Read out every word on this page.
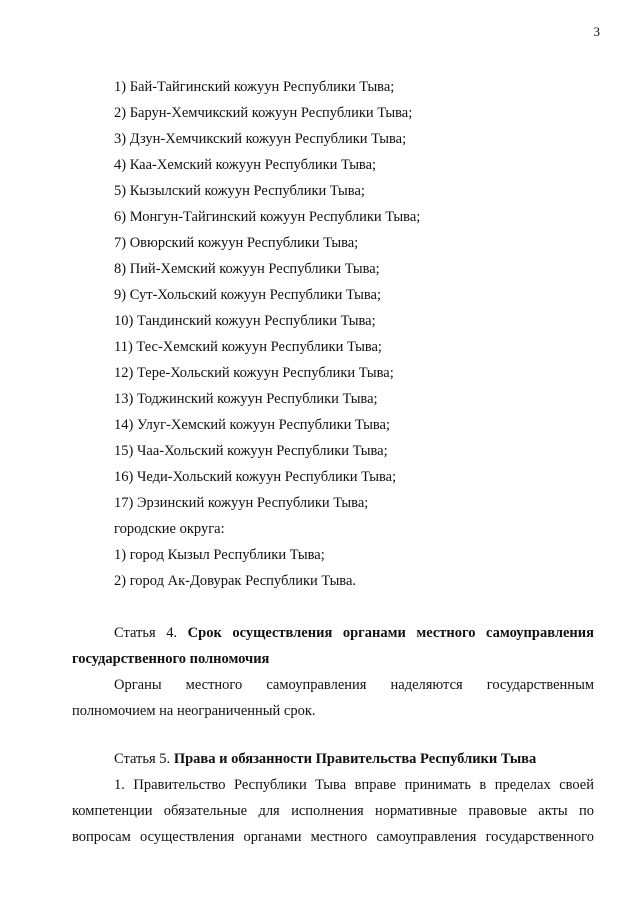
3
1) Бай-Тайгинский кожуун Республики Тыва;
2) Барун-Хемчикский кожуун Республики Тыва;
3) Дзун-Хемчикский кожуун Республики Тыва;
4) Каа-Хемский кожуун Республики Тыва;
5) Кызылский кожуун Республики Тыва;
6) Монгун-Тайгинский кожуун Республики Тыва;
7) Овюрский кожуун Республики Тыва;
8) Пий-Хемский кожуун Республики Тыва;
9) Сут-Хольский кожуун Республики Тыва;
10) Тандинский кожуун Республики Тыва;
11) Тес-Хемский кожуун Республики Тыва;
12) Тере-Хольский кожуун Республики Тыва;
13) Тоджинский кожуун Республики Тыва;
14) Улуг-Хемский кожуун Республики Тыва;
15) Чаа-Хольский кожуун Республики Тыва;
16) Чеди-Хольский кожуун Республики Тыва;
17) Эрзинский кожуун Республики Тыва;
городские округа:
1) город Кызыл Республики Тыва;
2) город Ак-Довурак Республики Тыва.
Статья 4. Срок осуществления органами местного самоуправления государственного полномочия
Органы местного самоуправления наделяются государственным полномочием на неограниченный срок.
Статья 5. Права и обязанности Правительства Республики Тыва
1. Правительство Республики Тыва вправе принимать в пределах своей компетенции обязательные для исполнения нормативные правовые акты по вопросам осуществления органами местного самоуправления государственного
